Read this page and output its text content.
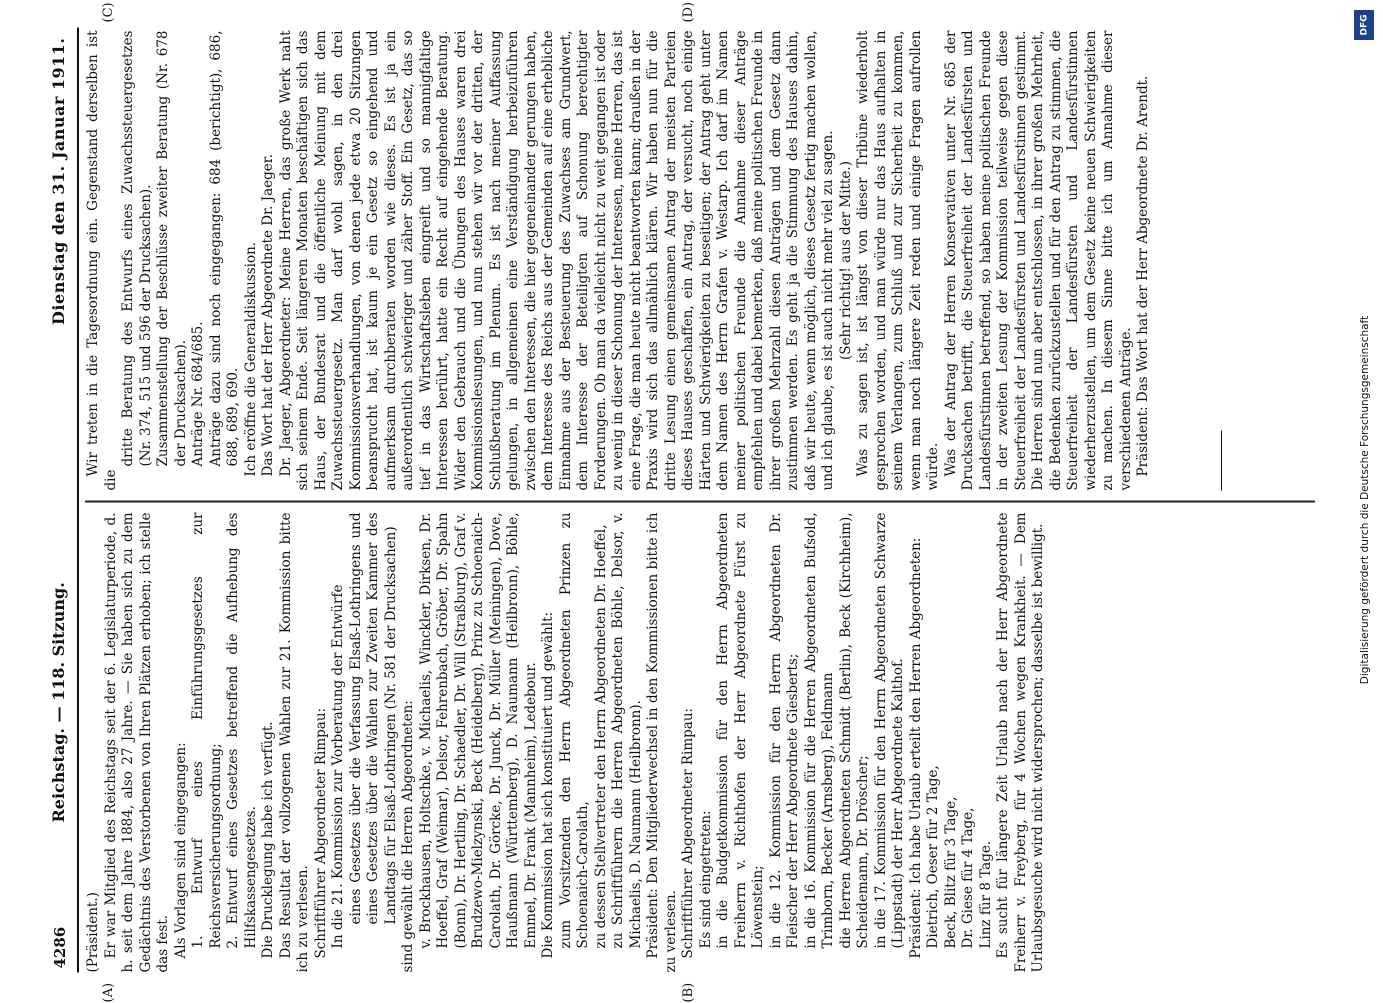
4286
Reichstag. — 118. Sitzung.
Dienstag den 31. Januar 1911.
(A)	(B)
(C)	(D)

(Präsident.) Er war Mitglied des Reichstags seit der 6. Legislaturperiode, d. h. seit dem Jahre 1884, also 27 Jahre. — Sie haben sich zu dem Gedächtnis des Verstorbenen von Ihren Plätzen erhoben; ich stelle das fest. Als Vorlagen sind eingegangen: 1. Entwurf eines Einführungsgesetzes zur Reichsversicherungsordnung; 2. Entwurf eines Gesetzes betreffend die Aufhebung des Hilfskassengesetzes. Die Drucklegung habe ich verfügt. Das Resultat der vollzogenen Wahlen zur 21. Kommission bitte ich zu verlesen. Schriftführer Abgeordneter Rimpau: In die 21. Kommission zur Vorberatung der Entwürfe eines Gesetzes über die Verfassung Elsaß-Lothringens und eines Gesetzes über die Wahlen zur Zweiten Kammer des Landtags für Elsaß-Lothringen (Nr. 581 der Drucksachen) sind gewählt die Herren Abgeordneten: v. Brockhausen, Holtschke, v. Michaelis, Winckler, Dirksen, Dr. Hoeffel, Graf (Weimar), Delsor, Fehrenbach, Gröber, Dr. Spahn (Bonn), Dr. Hertling, Dr. Schaedler, Dr. Will (Straßburg), Graf v. Brudzewo-Mielzynski, Beck (Heidelberg), Prinz zu Schoenaich-Carolath, Dr. Görcke, Dr. Junck, Dr. Müller (Meiningen), Dove, Haußmann (Württemberg), D. Naumann (Heilbronn), Böhle, Emmel, Dr. Frank (Mannheim), Ledebour. Die Kommission hat sich konstituiert und gewählt: zum Vorsitzenden den Herrn Abgeordneten Prinzen zu Schoenaich-Carolath, zu dessen Stellvertreter den Herrn Abgeordneten Dr. Hoeffel, zu Schriftführern die Herren Abgeordneten Böhle, Delsor, v. Michaelis, D. Naumann (Heilbronn). Präsident: Den Mitgliederwechsel in den Kommissionen bitte ich zu verlesen. Schriftführer Abgeordneter Rimpau: Es sind eingetreten: in die Budgetkommission für den Herrn Abgeordneten Freiherrn v. Richthofen der Herr Abgeordnete Fürst zu Löwenstein; in die 12. Kommission für den Herrn Abgeordneten Dr. Fleischer der Herr Abgeordnete Giesberts; in die 16. Kommission für die Herren Abgeordneten Bufsold, Trimborn, Becker (Arnsberg), Feldmann die Herren Abgeordneten Schmidt (Berlin), Beck (Kirchheim), Scheidemann, Dr. Dröscher; in die 17. Kommission für den Herrn Abgeordneten Schwarze (Lippstadt) der Herr Abgeordnete Kalthof. Präsident: Ich habe Urlaub erteilt den Herren Abgeordneten: Dietrich, Oeser für 2 Tage, Beck, Blitz für 3 Tage, Dr. Giese für 4 Tage, Linz für 8 Tage. Es sucht für längere Zeit Urlaub nach der Herr Abgeordnete Freiherr v. Freyberg, für 4 Wochen wegen Krankheit. — Dem Urlaubsgesuche wird nicht widersprochen; dasselbe ist bewilligt.

Wir treten in die Tagesordnung ein. Gegenstand derselben ist die

dritte Beratung des Entwurfs eines Zuwachssteuergesetzes (Nr. 374, 515 und 596 der Drucksachen). Zusammenstellung der Beschlüsse zweiter Beratung (Nr. 678 der Drucksachen). Anträge Nr. 684/685. Anträge dazu sind noch eingegangen: 684 (berichtigt), 686, 688, 689, 690. Ich eröffne die Generaldiskussion. Das Wort hat der Herr Abgeordnete Dr. Jaeger. Dr. Jaeger, Abgeordneter: Meine Herren, das große Werk naht sich seinem Ende. Seit längeren Monaten beschäftigen sich das Haus, der Bundesrat und die öffentliche Meinung mit dem Zuwachssteuergesetz. Man darf wohl sagen, in den drei Kommissionsverhandlungen, von denen jede etwa 20 Sitzungen beansprucht hat, ist kaum je ein Gesetz so eingehend und aufmerksam durchberaten worden wie dieses. Es ist ja ein außerordentlich schwieriger und zäher Stoff. Ein Gesetz, das so tief in das Wirtschaftsleben eingreift und so mannigfaltige Interessen berührt, hatte ein Recht auf eingehende Beratung. Wider den Gebrauch und die Übungen des Hauses waren drei Kommissionslesungen, und nun stehen wir vor der dritten, der Schlußberatung im Plenum. Es ist nach meiner Auffassung gelungen, in allgemeinen eine Verständigung herbeizuführen zwischen den Interessen, die hier gegeneinander gerungen haben, dem Interesse des Reichs aus der Gemeinden auf eine erhebliche Einnahme aus der Besteuerung des Zuwachses am Grundwert, dem Interesse der Beteiligten auf Schonung berechtigter Forderungen. Ob man da vielleicht nicht zu weit gegangen ist oder zu wenig in dieser Schonung der Interessen, meine Herren, das ist eine Frage, die man heute nicht beantworten kann; draußen in der Praxis wird sich das allmählich klären. Wir haben nun für die dritte Lesung einen gemeinsamen Antrag der meisten Parteien dieses Hauses geschaffen, ein Antrag, der versucht, noch einige Härten und Schwierigkeiten zu beseitigen; der Antrag geht unter dem Namen des Herrn Grafen v. Westarp. Ich darf im Namen meiner politischen Freunde die Annahme dieser Anträge empfehlen und dabei bemerken, daß meine politischen Freunde in ihrer großen Mehrzahl diesen Anträgen und dem Gesetz dann zustimmen werden. Es geht ja die Stimmung des Hauses dahin, daß wir heute, wenn möglich, dieses Gesetz fertig machen wollen, und ich glaube, es ist auch nicht mehr viel zu sagen. (Sehr richtig! aus der Mitte.) Was zu sagen ist, ist längst von dieser Tribüne wiederholt gesprochen worden, und man würde nur das Haus aufhalten in seinem Verlangen, zum Schluß und zur Sicherheit zu kommen, wenn man noch längere Zeit reden und einige Fragen aufrollen würde. Was der Antrag der Herren Konservativen unter Nr. 685 der Drucksachen betrifft, die Steuerfreiheit der Landesfürsten und Landesfürstinnen betreffend, so haben meine politischen Freunde in der zweiten Lesung der Kommission teilweise gegen diese Steuerfreiheit der Landesfürsten und Landesfürstinnen gestimmt. Die Herren sind nun aber entschlossen, in ihrer großen Mehrheit, die Bedenken zurückzustellen und für den Antrag zu stimmen, die Steuerfreiheit der Landesfürsten und Landesfürstinnen wiederherzustellen, um dem Gesetz keine neuen Schwierigkeiten zu machen. In diesem Sinne bitte ich um Annahme dieser verschiedenen Anträge. Präsident: Das Wort hat der Herr Abgeordnete Dr. Arendt.

DFG
Digitalisierung gefördert durch die Deutsche Forschungsgemeinschaft
